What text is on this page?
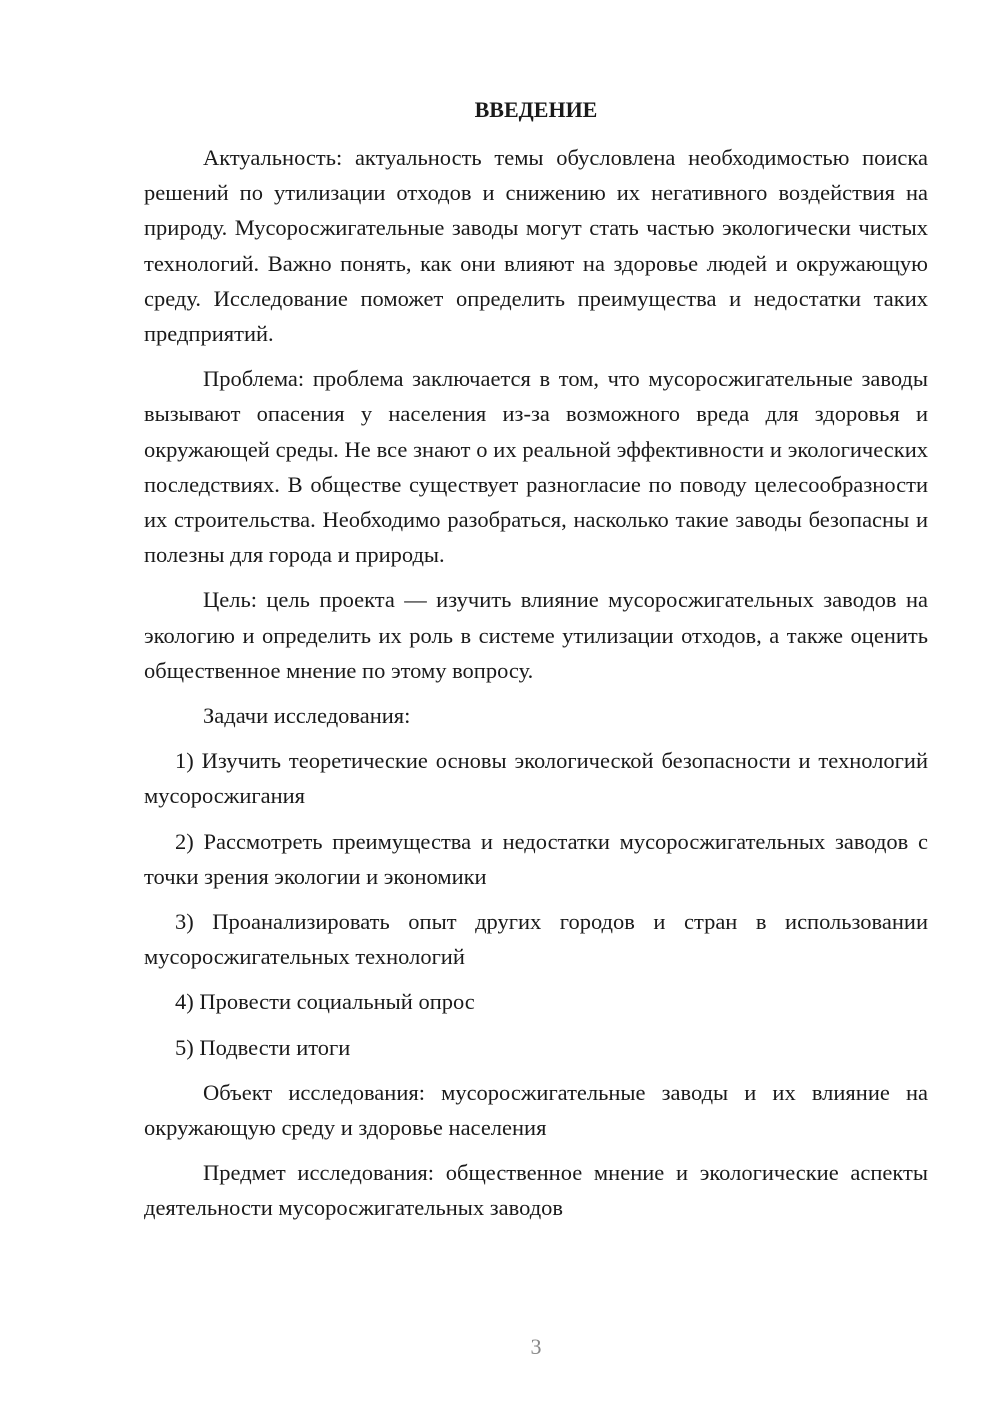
ВВЕДЕНИЕ

Актуальность: актуальность темы обусловлена необходимостью поиска решений по утилизации отходов и снижению их негативного воздействия на природу. Мусоросжигательные заводы могут стать частью экологически чистых технологий. Важно понять, как они влияют на здоровье людей и окружающую среду. Исследование поможет определить преимущества и недостатки таких предприятий.

Проблема: проблема заключается в том, что мусоросжигательные заводы вызывают опасения у населения из-за возможного вреда для здоровья и окружающей среды. Не все знают о их реальной эффективности и экологических последствиях. В обществе существует разногласие по поводу целесообразности их строительства. Необходимо разобраться, насколько такие заводы безопасны и полезны для города и природы.

Цель: цель проекта — изучить влияние мусоросжигательных заводов на экологию и определить их роль в системе утилизации отходов, а также оценить общественное мнение по этому вопросу.

Задачи исследования:

1) Изучить теоретические основы экологической безопасности и технологий мусоросжигания

2) Рассмотреть преимущества и недостатки мусоросжигательных заводов с точки зрения экологии и экономики

3) Проанализировать опыт других городов и стран в использовании мусоросжигательных технологий

4) Провести социальный опрос

5) Подвести итоги

Объект исследования: мусоросжигательные заводы и их влияние на окружающую среду и здоровье населения

Предмет исследования: общественное мнение и экологические аспекты деятельности мусоросжигательных заводов

3
